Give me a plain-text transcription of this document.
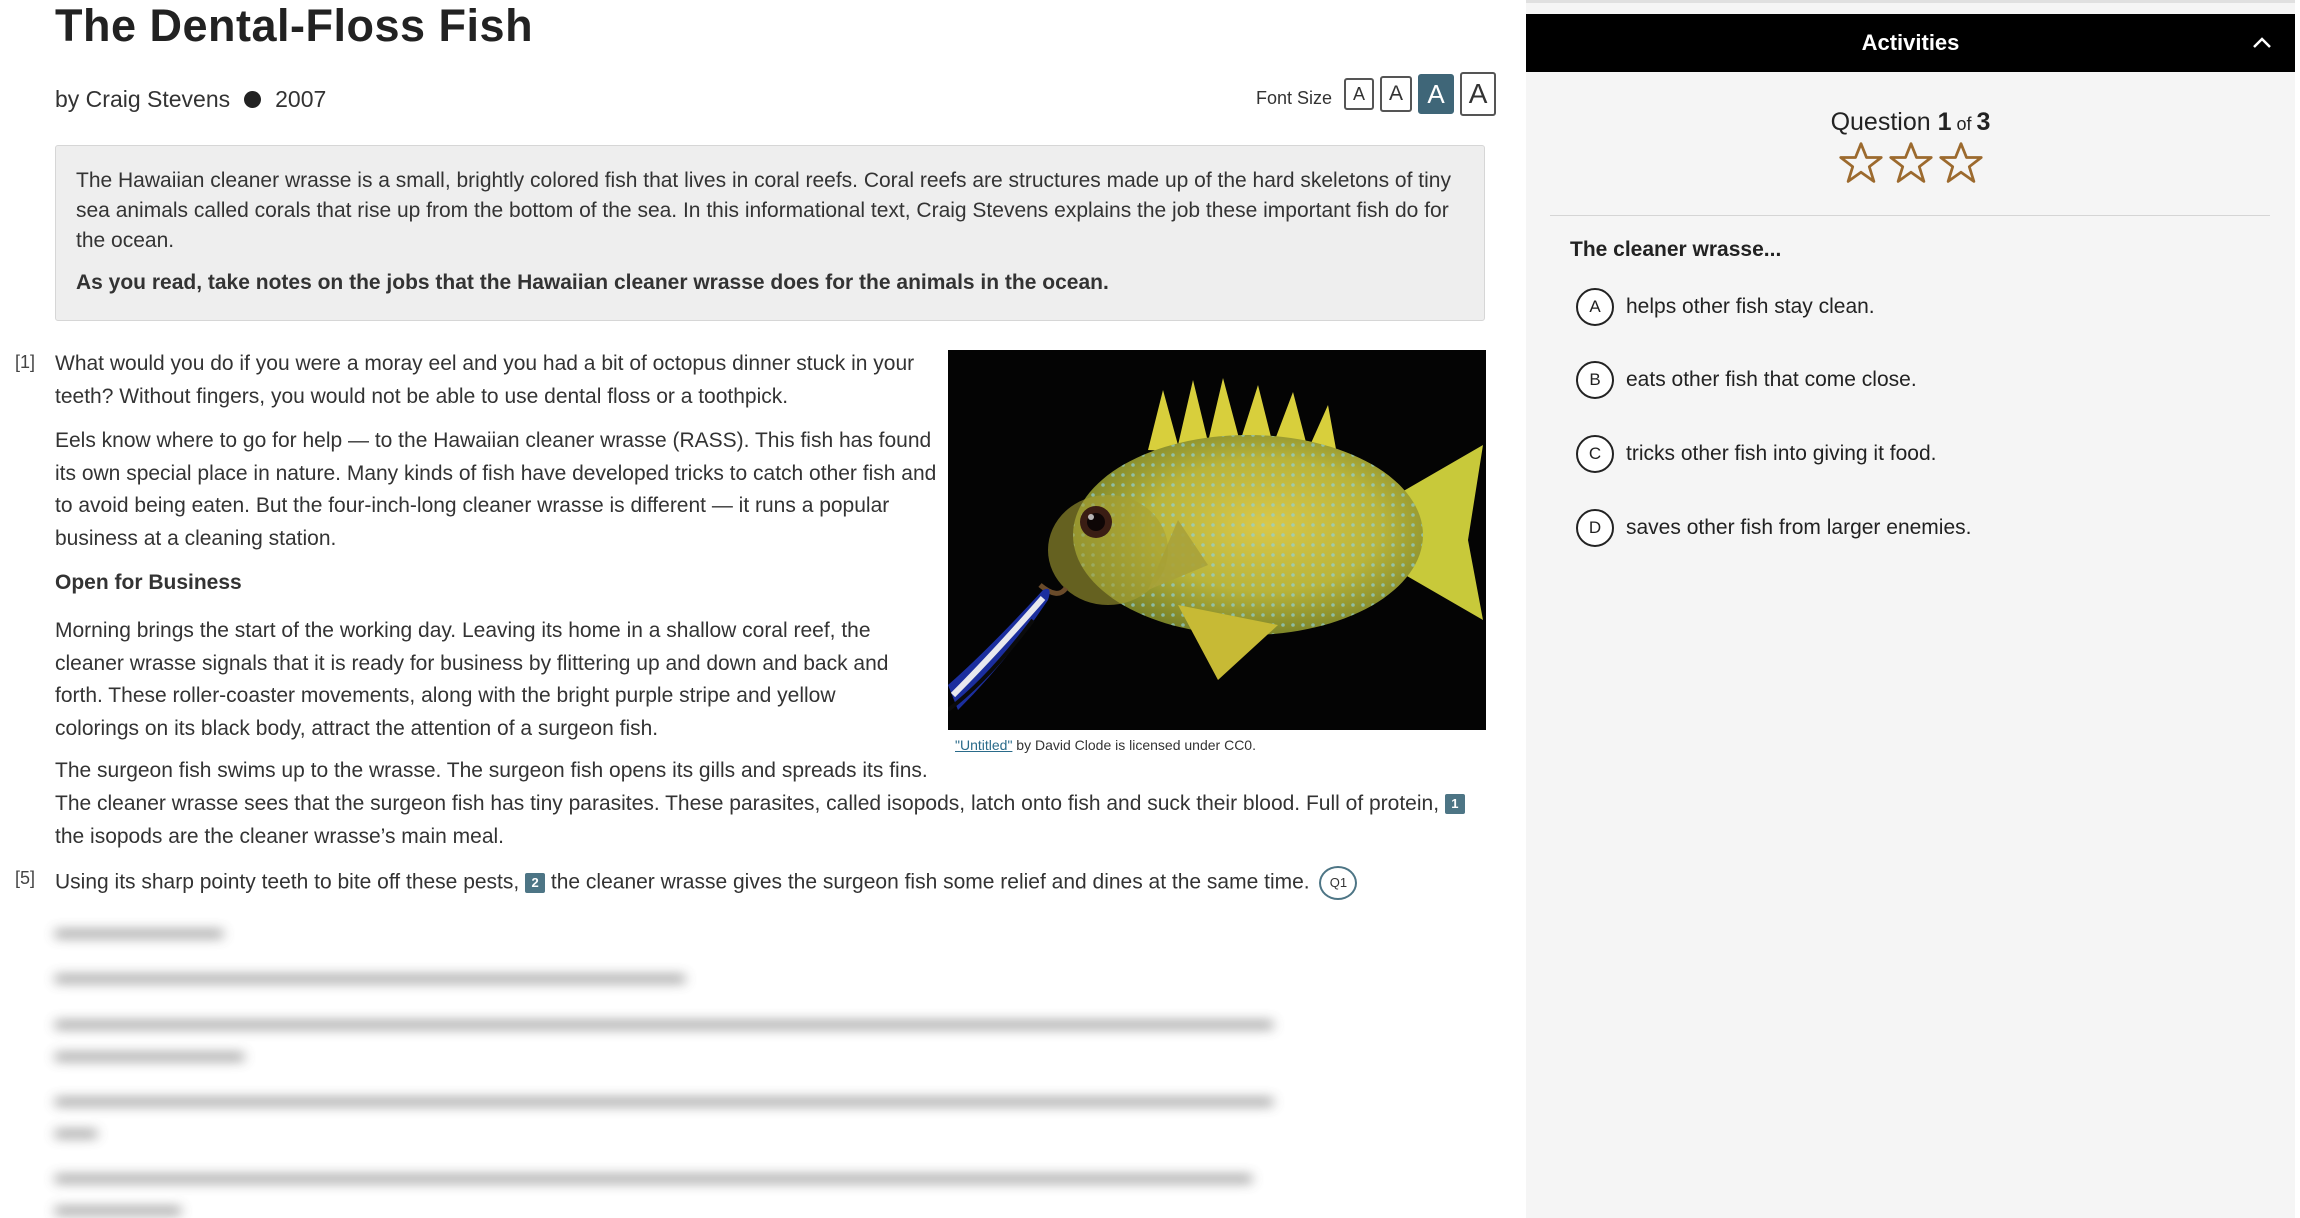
The Dental-Floss Fish
by Craig Stevens 2007	Font Size	A	A A A

The Hawaiian cleaner wrasse is a small, brightly colored fish that lives in coral reefs. Coral reefs are structures made up of the hard skeletons of tiny sea animals called corals that rise up from the bottom of the sea. In this informational text, Craig Stevens explains the job these important fish do for the ocean.

As you read, take notes on the jobs that the Hawaiian cleaner wrasse does for the animals in the ocean.

[1] What would you do if you were a moray eel and you had a bit of octopus dinner stuck in your teeth? Without fingers, you would not be able to use dental floss or a toothpick.

Eels know where to go for help — to the Hawaiian cleaner wrasse (RASS). This fish has found its own special place in nature. Many kinds of fish have developed tricks to catch other fish and to avoid being eaten. But the four-inch-long cleaner wrasse is different — it runs a popular business at a cleaning station.

Open for Business

Morning brings the start of the working day. Leaving its home in a shallow coral reef, the cleaner wrasse signals that it is ready for business by flittering up and down and back and forth. These roller-coaster movements, along with the bright purple stripe and yellow colorings on its black body, attract the attention of a surgeon fish.

"Untitled" by David Clode is licensed under CC0.

The surgeon fish swims up to the wrasse. The surgeon fish opens its gills and spreads its fins.

The cleaner wrasse sees that the surgeon fish has tiny parasites. These parasites, called isopods, latch onto fish and suck their blood. Full of protein, 1 the isopods are the cleaner wrasse’s main meal.

[5] Using its sharp pointy teeth to bite off these pests, 2 the cleaner wrasse gives the surgeon fish some relief and dines at the same time. Q1

▬▬▬▬▬▬▬▬
▬▬▬▬▬▬▬▬▬▬▬▬▬▬▬▬▬▬▬▬▬▬▬▬▬▬▬▬▬▬
▬▬▬▬▬▬▬▬▬▬▬▬▬▬▬▬▬▬▬▬▬▬▬▬▬▬▬▬▬▬▬▬▬▬▬▬▬▬▬▬▬▬▬▬▬▬▬▬▬▬▬▬▬▬▬▬▬▬
▬▬▬▬▬▬▬▬▬
▬▬▬▬▬▬▬▬▬▬▬▬▬▬▬▬▬▬▬▬▬▬▬▬▬▬▬▬▬▬▬▬▬▬▬▬▬▬▬▬▬▬▬▬▬▬▬▬▬▬▬▬▬▬▬▬▬▬
▬▬
▬▬▬▬▬▬▬▬▬▬▬▬▬▬▬▬▬▬▬▬▬▬▬▬▬▬▬▬▬▬▬▬▬▬▬▬▬▬▬▬▬▬▬▬▬▬▬▬▬▬▬▬▬▬▬▬▬
▬▬▬▬▬▬
Activities
Question 1 of 3
The cleaner wrasse...
A	helps other fish stay clean.
B	eats other fish that come close.
C	tricks other fish into giving it food.
D	saves other fish from larger enemies.
